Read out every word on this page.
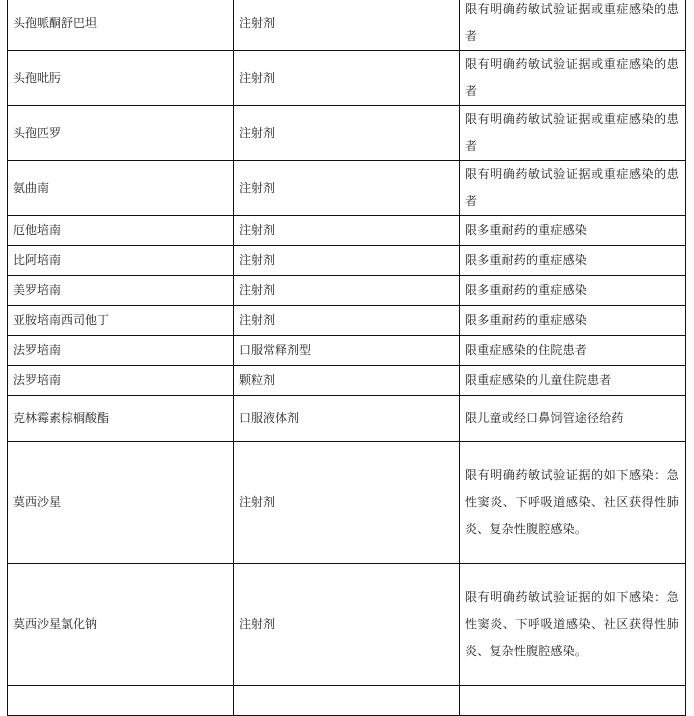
头孢哌酮舒巴坦	注射剂	限有明确药敏试验证据或重症感染的患者
头孢吡肟	注射剂	限有明确药敏试验证据或重症感染的患者
头孢匹罗	注射剂	限有明确药敏试验证据或重症感染的患者
氨曲南	注射剂	限有明确药敏试验证据或重症感染的患者
厄他培南	注射剂	限多重耐药的重症感染
比阿培南	注射剂	限多重耐药的重症感染
美罗培南	注射剂	限多重耐药的重症感染
亚胺培南西司他丁	注射剂	限多重耐药的重症感染
法罗培南	口服常释剂型	限重症感染的住院患者
法罗培南	颗粒剂	限重症感染的儿童住院患者
克林霉素棕榈酸酯	口服液体剂	限儿童或经口鼻饲管途径给药
莫西沙星	注射剂	限有明确药敏试验证据的如下感染：急性窦炎、下呼吸道感染、社区获得性肺炎、复杂性腹腔感染。
莫西沙星氯化钠	注射剂	限有明确药敏试验证据的如下感染：急性窦炎、下呼吸道感染、社区获得性肺炎、复杂性腹腔感染。
